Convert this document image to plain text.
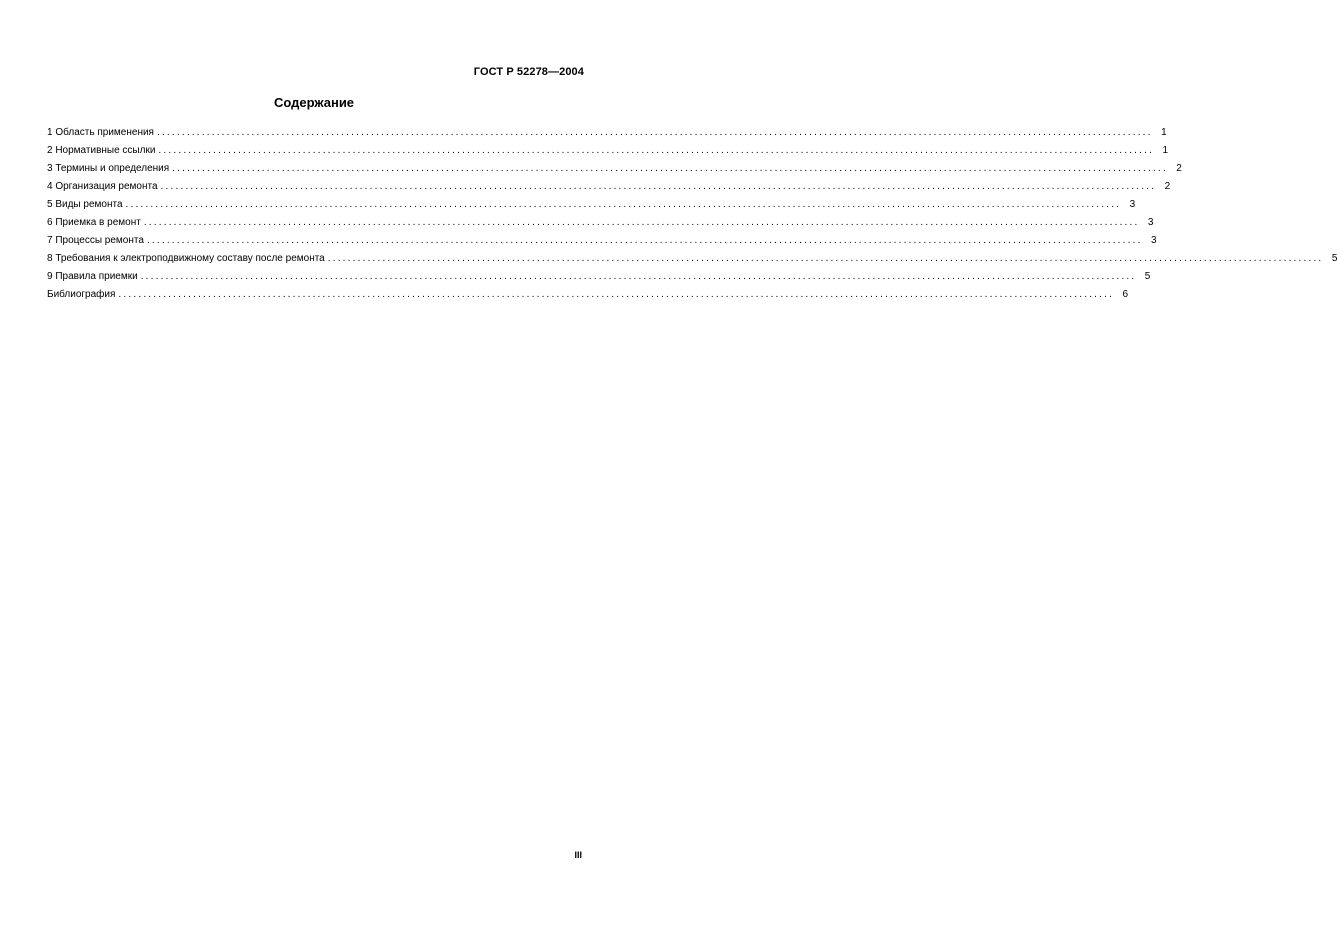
ГОСТ Р 52278—2004
Содержание
1 Область применения ........................................................................................................................................................................................................ 1
2 Нормативные ссылки ........................................................................................................................................................................................................ 1
3 Термины и определения ........................................................................................................................................................................................................ 2
4 Организация ремонта ........................................................................................................................................................................................................ 2
5 Виды ремонта ........................................................................................................................................................................................................ 3
6 Приемка в ремонт ........................................................................................................................................................................................................ 3
7 Процессы ремонта ........................................................................................................................................................................................................ 3
8 Требования к электроподвижному составу после ремонта ........................................................................................................................................................................................................ 5
9 Правила приемки ........................................................................................................................................................................................................ 5
Библиография ........................................................................................................................................................................................................ 6
III
